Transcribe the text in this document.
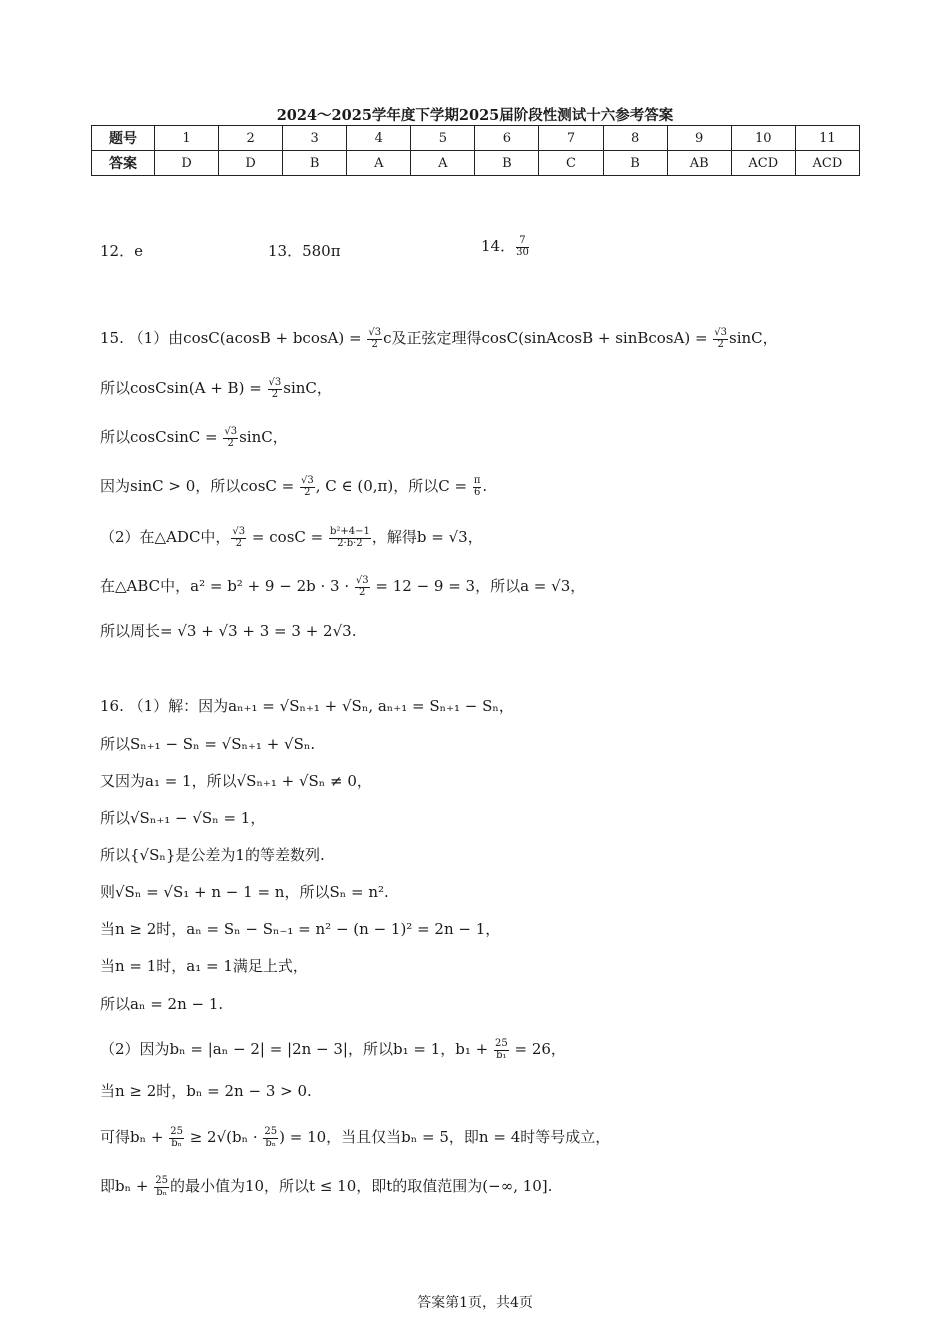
2024～2025学年度下学期2025届阶段性测试十六参考答案
题号	1	2	3	4	5	6	7	8	9	10	11
答案	D	D	B	A	A	B	C	B	AB	ACD	ACD
12．e	13．580π	14． $\frac{7}{30}$
15. （1）由$\cos C(acosB + bcosA) = \frac{√3}{2}$ c及正弦定理得cosC(sinAcosB + sinBcosA) = $\frac{√3}{2}$ sinC，
所以cosCsin(A + $B) = \frac{√3}{2}$ sinC，
所以cosCsinC = $\frac{√3}{2}$ sinC，
因为sinC > 0，所以$\cos C = \frac{√3}{2}$ , C ∈ (0,π)，所以$C = \frac{\pi}{6}$ .
（2）在△ADC中， $\frac{√3}{2} = \cos C = \frac{\text{b²+4−1}}{2\cdot b\cdot 2}$ ，解得b = √3，
在△ABC中，$a^2 = b^2 + 9 - 2b \cdot 3 \cdot \frac{√3}{2} = 12 - 9 = 3$，所以a = √3，
所以周长= √3 + √3 + 3 = 3 + 2√3.
16. （1）解：因为aₙ₊₁ = √Sₙ₊₁ + √Sₙ, aₙ₊₁ = Sₙ₊₁ − Sₙ，
所以Sₙ₊₁ − Sₙ = √Sₙ₊₁ + √Sₙ.
又因为a₁ = 1，所以√Sₙ₊₁ + √Sₙ ≠ 0，
所以√Sₙ₊₁ − √Sₙ = 1，
所以{√Sₙ}是公差为1的等差数列.
则√Sₙ = √S₁ + n − 1 = n，所以Sₙ = n².
当n ≥ 2时，aₙ = Sₙ − Sₙ₋₁ = n² − (n − 1)² = 2n − 1，
当n = 1时，a₁ = 1满足上式，
所以aₙ = 2n − 1.
（2）因为bₙ = |aₙ − 2| = |2n − 3|，所以b₁ = 1，$b_1 + \frac{25}{\text{b₁}} = 26$，
当n ≥ 2时，bₙ = 2n − 3 > 0.
可得$b_n + \frac{25}{\text{bₙ}} \ge 2√(b_n \cdot \frac{25}{\text{bₙ}}$ ) = 10，当且仅当bₙ = 5，即n = 4时等号成立，
即$b_n + \frac{25}{\text{bₙ}}$ 的最小值为10，所以t ≤ 10，即t的取值范围为(−∞, 10].
答案第1页，共4页
